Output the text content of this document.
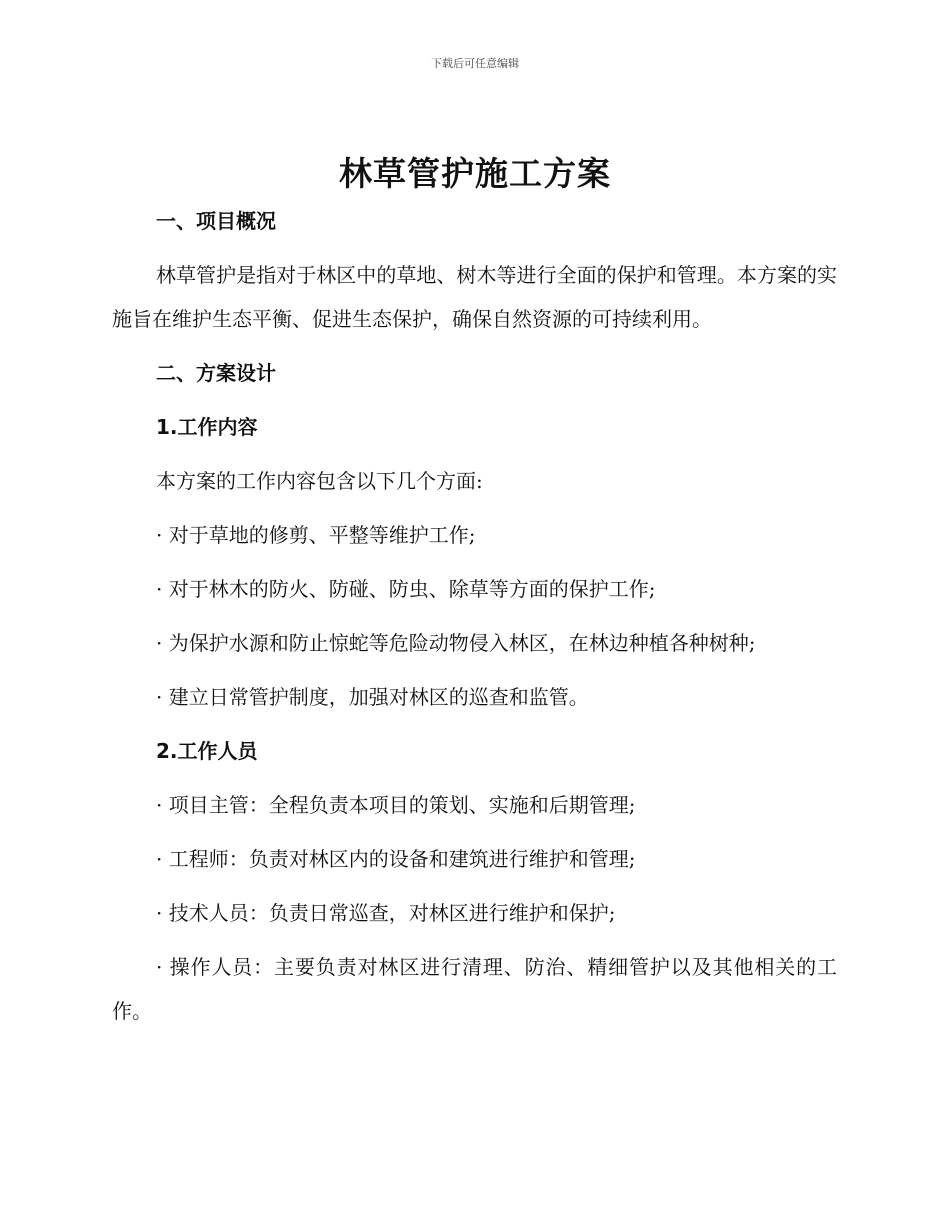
下载后可任意编辑
林草管护施工方案
一、项目概况

林草管护是指对于林区中的草地、树木等进行全面的保护和管理。本方案的实施旨在维护生态平衡、促进生态保护，确保自然资源的可持续利用。

二、方案设计
1.工作内容
本方案的工作内容包含以下几个方面:
· 对于草地的修剪、平整等维护工作;
· 对于林木的防火、防碰、防虫、除草等方面的保护工作;
· 为保护水源和防止惊蛇等危险动物侵入林区，在林边种植各种树种;
· 建立日常管护制度，加强对林区的巡查和监管。
2.工作人员
· 项目主管：全程负责本项目的策划、实施和后期管理;
· 工程师：负责对林区内的设备和建筑进行维护和管理;
· 技术人员：负责日常巡查，对林区进行维护和保护;

· 操作人员：主要负责对林区进行清理、防治、精细管护以及其他相关的工作。
